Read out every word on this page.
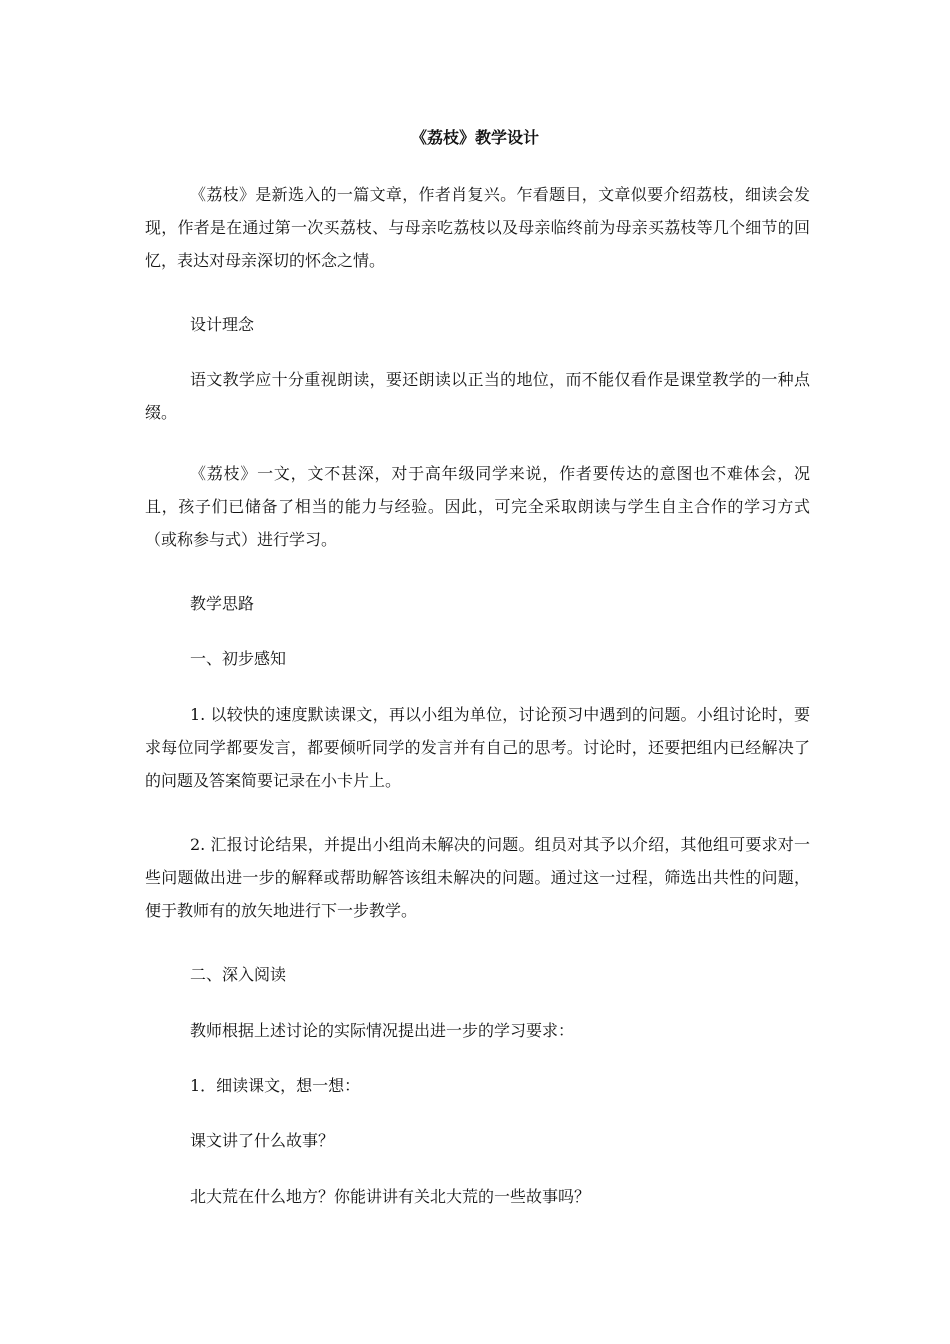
《荔枝》教学设计

《荔枝》是新选入的一篇文章，作者肖复兴。乍看题目，文章似要介绍荔枝，细读会发现，作者是在通过第一次买荔枝、与母亲吃荔枝以及母亲临终前为母亲买荔枝等几个细节的回忆，表达对母亲深切的怀念之情。

设计理念

语文教学应十分重视朗读，要还朗读以正当的地位，而不能仅看作是课堂教学的一种点缀。

《荔枝》一文，文不甚深，对于高年级同学来说，作者要传达的意图也不难体会，况且，孩子们已储备了相当的能力与经验。因此，可完全采取朗读与学生自主合作的学习方式（或称参与式）进行学习。

教学思路

一、初步感知

1. 以较快的速度默读课文，再以小组为单位，讨论预习中遇到的问题。小组讨论时，要求每位同学都要发言，都要倾听同学的发言并有自己的思考。讨论时，还要把组内已经解决了的问题及答案简要记录在小卡片上。

2. 汇报讨论结果，并提出小组尚未解决的问题。组员对其予以介绍，其他组可要求对一些问题做出进一步的解释或帮助解答该组未解决的问题。通过这一过程，筛选出共性的问题，便于教师有的放矢地进行下一步教学。

二、深入阅读

教师根据上述讨论的实际情况提出进一步的学习要求：

1．细读课文，想一想：

课文讲了什么故事？

北大荒在什么地方？你能讲讲有关北大荒的一些故事吗？
